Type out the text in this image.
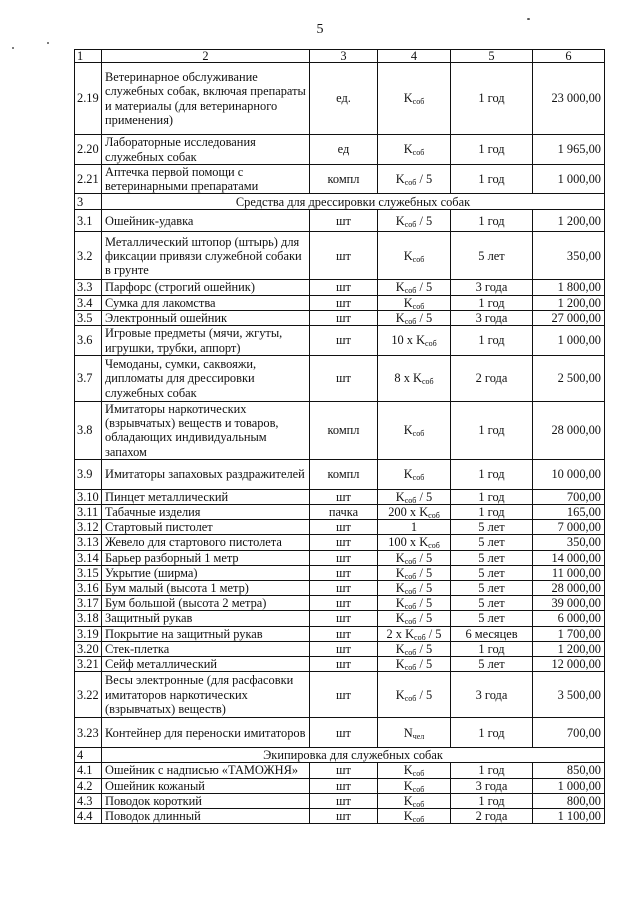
5
1	2	3	4	5	6
2.19	Ветеринарное обслуживание служебных собак, включая препараты и материалы (для ветеринарного применения)	ед.	$K_{соб}$	1 год	23 000,00
2.20	Лабораторные исследования служебных собак	ед	$K_{соб}$	1 год	1 965,00
2.21	Аптечка первой помощи с ветеринарными препаратами	компл	$K_{соб} / 5$	1 год	1 000,00
3	Средства для дрессировки служебных собак				
3.1	Ошейник-удавка	шт	$K_{соб} / 5$	1 год	1 200,00
3.2	Металлический штопор (штырь) для фиксации привязи служебной собаки в грунте	шт	$K_{соб}$	5 лет	350,00
3.3	Парфорс (строгий ошейник)	шт	$K_{соб} / 5$	3 года	1 800,00
3.4	Сумка для лакомства	шт	$K_{соб}$	1 год	1 200,00
3.5	Электронный ошейник	шт	$K_{соб} / 5$	3 года	27 000,00
3.6	Игровые предметы (мячи, жгуты, игрушки, трубки, аппорт)	шт	10 x $K_{соб}$	1 год	1 000,00
3.7	Чемоданы, сумки, саквояжи, дипломаты для дрессировки служебных собак	шт	8 x $K_{соб}$	2 года	2 500,00
3.8	Имитаторы наркотических (взрывчатых) веществ и товаров, обладающих индивидуальным запахом	компл	$K_{соб}$	1 год	28 000,00
3.9	Имитаторы запаховых раздражителей	компл	$K_{соб}$	1 год	10 000,00
3.10	Пинцет металлический	шт	$K_{соб} / 5$	1 год	700,00
3.11	Табачные изделия	пачка	200 x $K_{соб}$	1 год	165,00
3.12	Стартовый пистолет	шт	1	5 лет	7 000,00
3.13	Жевело для стартового пистолета	шт	100 x $K_{соб}$	5 лет	350,00
3.14	Барьер разборный 1 метр	шт	$K_{соб} / 5$	5 лет	14 000,00
3.15	Укрытие (ширма)	шт	$K_{соб} / 5$	5 лет	11 000,00
3.16	Бум малый (высота 1 метр)	шт	$K_{соб} / 5$	5 лет	28 000,00
3.17	Бум большой (высота 2 метра)	шт	$K_{соб} / 5$	5 лет	39 000,00
3.18	Защитный рукав	шт	$K_{соб} / 5$	5 лет	6 000,00
3.19	Покрытие на защитный рукав	шт	2 x $K_{соб} / 5$	6 месяцев	1 700,00
3.20	Стек-плетка	шт	$K_{соб} / 5$	1 год	1 200,00
3.21	Сейф металлический	шт	$K_{соб} / 5$	5 лет	12 000,00
3.22	Весы электронные (для расфасовки имитаторов наркотических (взрывчатых) веществ)	шт	$K_{соб} / 5$	3 года	3 500,00
3.23	Контейнер для переноски имитаторов	шт	$N_{чел}$	1 год	700,00
4	Экипировка для служебных собак				
4.1	Ошейник с надписью «ТАМОЖНЯ»	шт	$K_{соб}$	1 год	850,00
4.2	Ошейник кожаный	шт	$K_{соб}$	3 года	1 000,00
4.3	Поводок короткий	шт	$K_{соб}$	1 год	800,00
4.4	Поводок длинный	шт	$K_{соб}$	2 года	1 100,00
